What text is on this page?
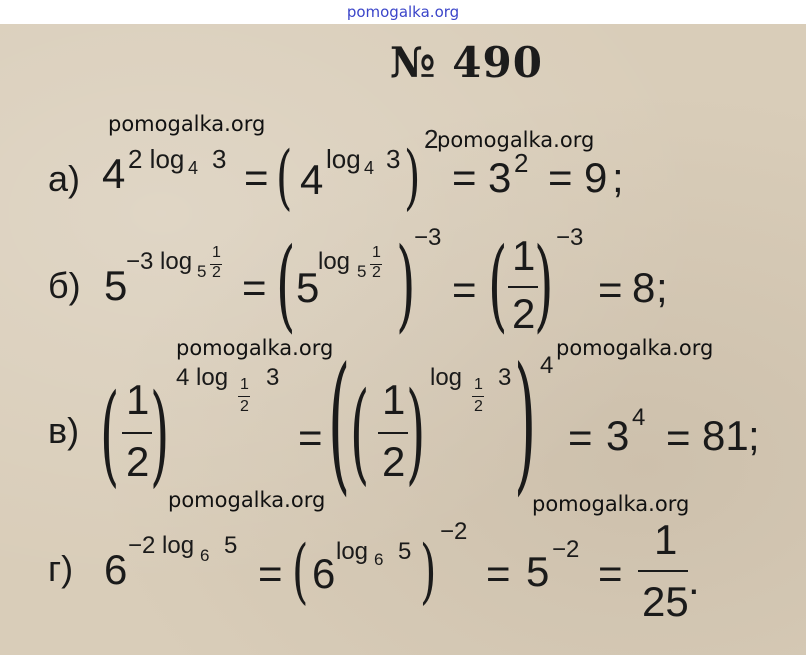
pomogalka.org
№ 490
pomogalka.org
pomogalka.org
pomogalka.org	pomogalka.org
pomogalka.org	pomogalka.org
а) 4 2 log 4 3 = ( 4 log 4 3 ) 2
= 3 2 = 9 ;
б) 5
−3 log 5
1
2 = ( 5
log 5
1
2 )
−3
= ( 1
2
) −3
= 8 ;
в) ( 1
2 ) 4 log 1
2
3
= ( ( 1
2 ) log 1
2
3 ) 4
= 3 4 = 81 ;
г) 6
−2 log 6 5
= ( 6 log 6 5 ) −2
= 5 −2
=
1
25 .
